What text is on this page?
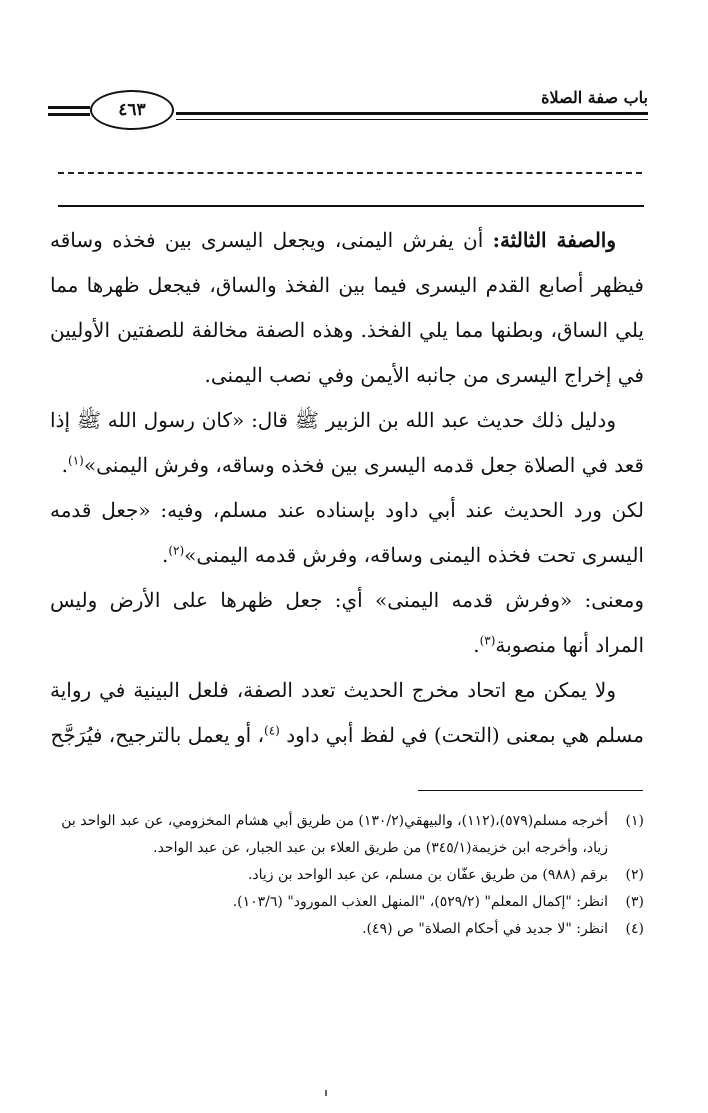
باب صفة الصلاة
٤٦٣

والصفة الثالثة: أن يفرش اليمنى، ويجعل اليسرى بين فخذه وساقه فيظهر أصابع القدم اليسرى فيما بين الفخذ والساق، فيجعل ظهرها مما يلي الساق، وبطنها مما يلي الفخذ. وهذه الصفة مخالفة للصفتين الأوليين في إخراج اليسرى من جانبه الأيمن وفي نصب اليمنى.

ودليل ذلك حديث عبد الله بن الزبير ﷺ قال: «كان رسول الله ﷺ إذا قعد في الصلاة جعل قدمه اليسرى بين فخذه وساقه، وفرش اليمنى»$^{(١)}$.

لكن ورد الحديث عند أبي داود بإسناده عند مسلم، وفيه: «جعل قدمه اليسرى تحت فخذه اليمنى وساقه، وفرش قدمه اليمنى»$^{(٢)}$.

ومعنى: «وفرش قدمه اليمنى» أي: جعل ظهرها على الأرض وليس المراد أنها منصوبة$^{(٣)}$.

ولا يمكن مع اتحاد مخرج الحديث تعدد الصفة، فلعل البينية في رواية مسلم هي بمعنى (التحت) في لفظ أبي داود $^{(٤)}$، أو يعمل بالترجيح، فيُرَجَّح

(١)
أخرجه مسلم(٥٧٩)،(١١٢)، والبيهقي(١٣٠/٢) من طريق أبي هشام المخزومي، عن عبد الواحد بن زياد، وأخرجه ابن خزيمة(٣٤٥/١) من طريق العلاء بن عبد الجبار، عن عبد الواحد.

(٢)
برقم (٩٨٨) من طريق عفّان بن مسلم، عن عبد الواحد بن زياد.

(٣)
انظر: "إكمال المعلم" (٥٢٩/٢)، "المنهل العذب المورود" (١٠٣/٦).

(٤)
انظر: "لا جديد في أحكام الصلاة" ص (٤٩).
